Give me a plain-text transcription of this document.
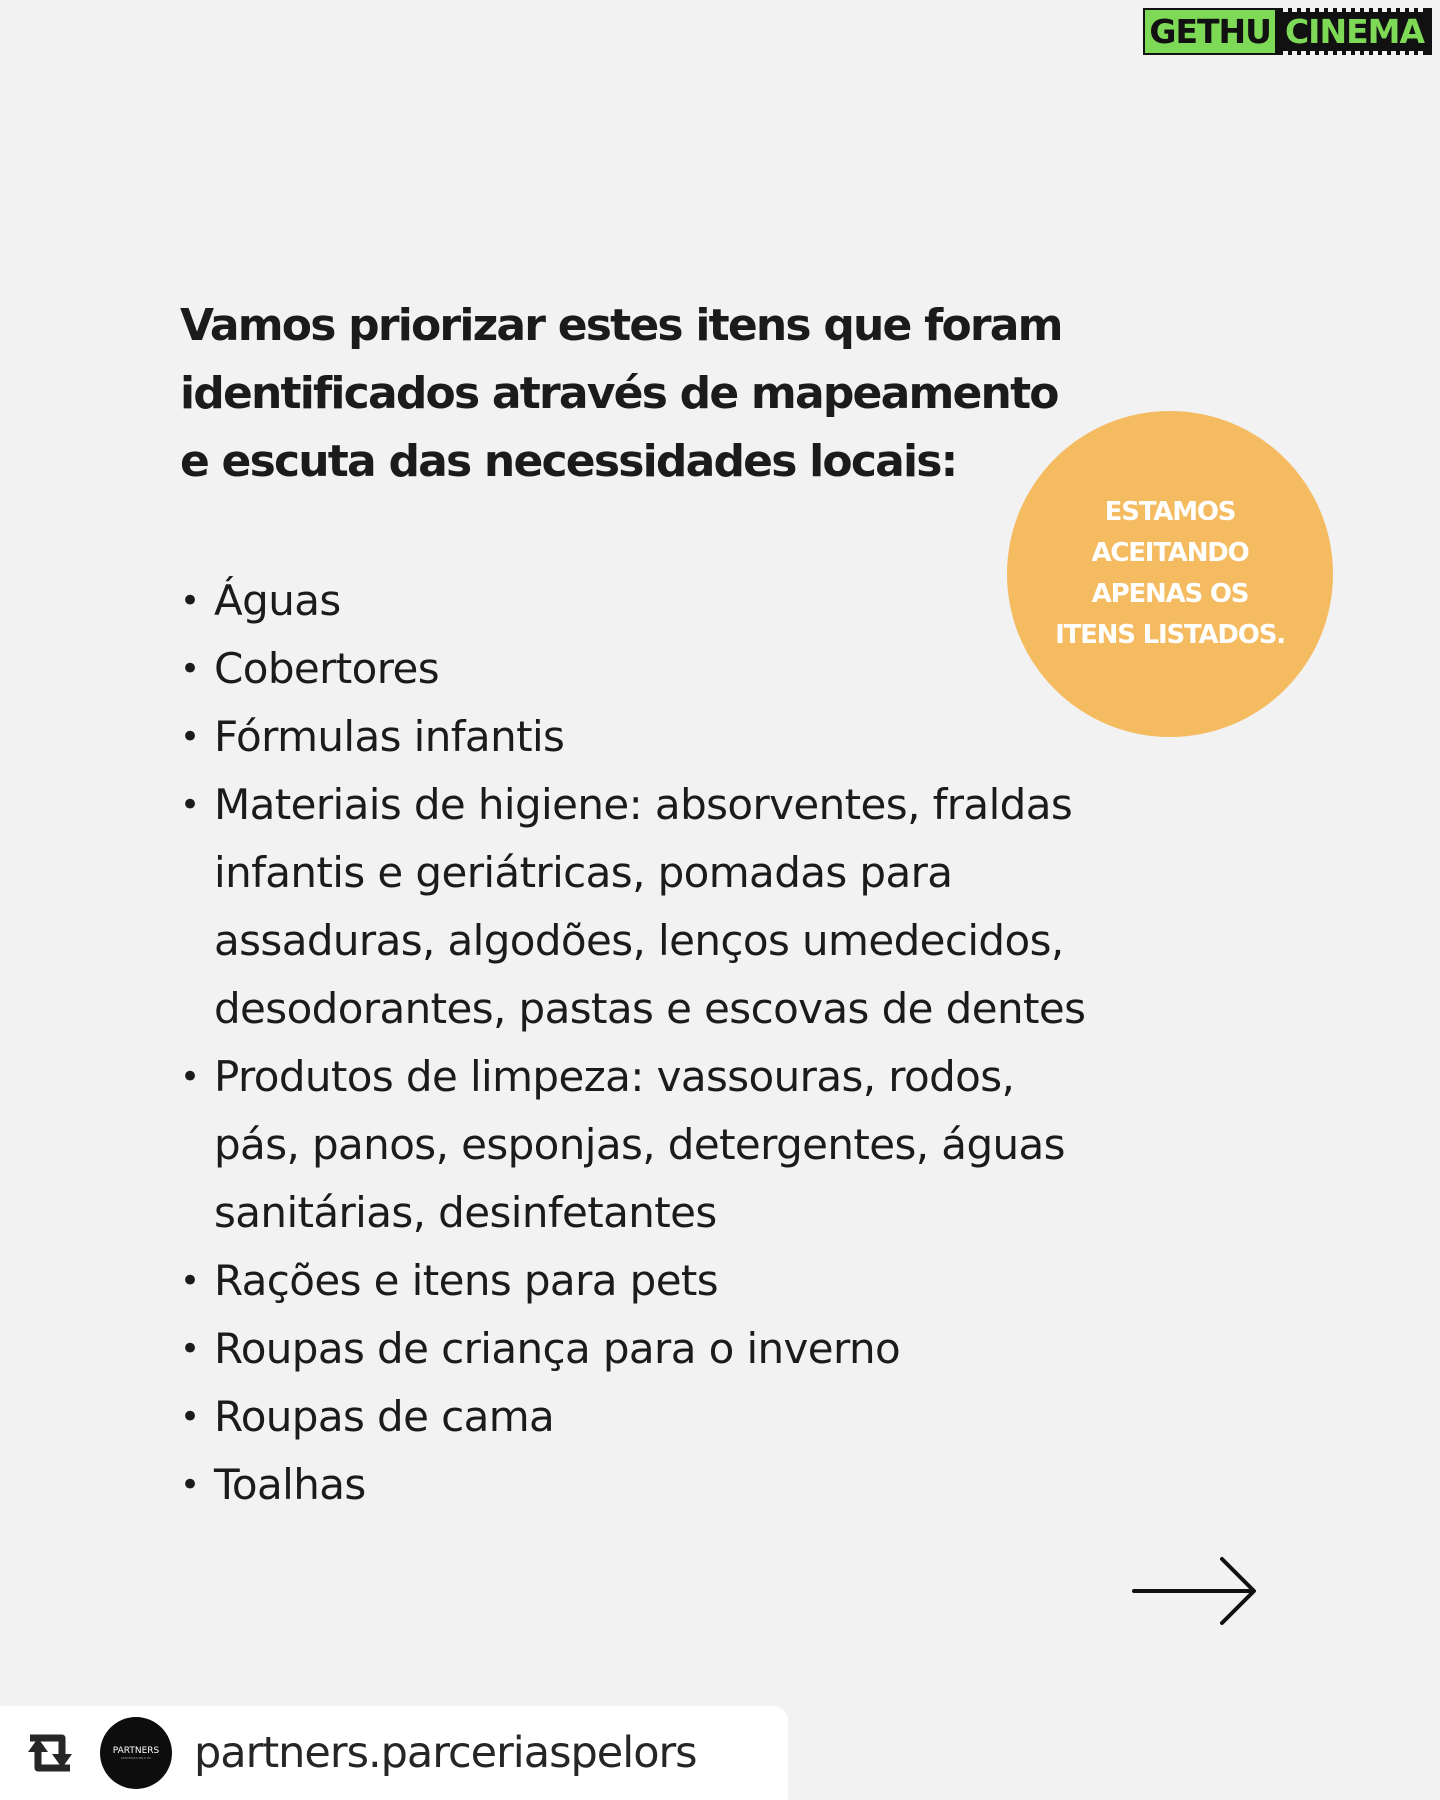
GETHU CINEMA
Vamos priorizar estes itens que foram
identificados através de mapeamento
e escuta das necessidades locais:
ESTAMOS
ACEITANDO
APENAS OS
ITENS LISTADOS.
• Águas
• Cobertores
• Fórmulas infantis
• Materiais de higiene: absorventes, fraldas
infantis e geriátricas, pomadas para
assaduras, algodões, lenços umedecidos,
desodorantes, pastas e escovas de dentes
• Produtos de limpeza: vassouras, rodos,
pás, panos, esponjas, detergentes, águas
sanitárias, desinfetantes
• Rações e itens para pets
• Roupas de criança para o inverno
• Roupas de cama
• Toalhas
PARTNERS
PARCERIAS PELO RS partners.parceriaspelors
